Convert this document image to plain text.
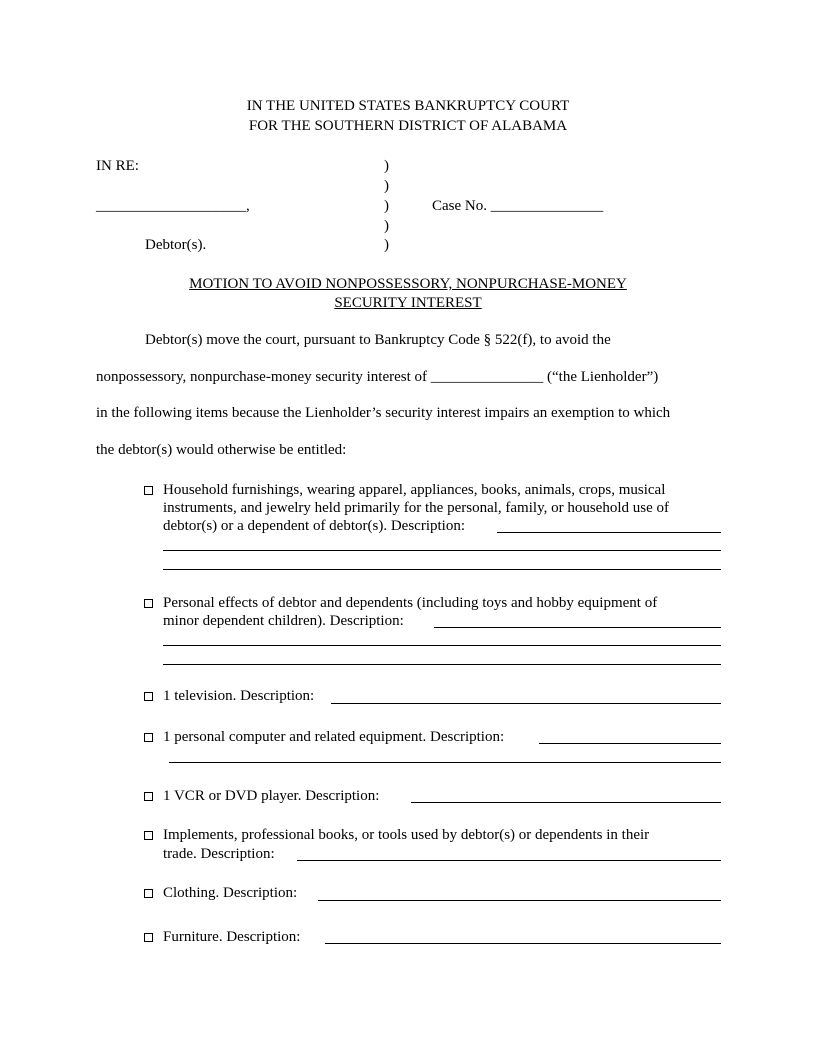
IN THE UNITED STATES BANKRUPTCY COURT
FOR THE SOUTHERN DISTRICT OF ALABAMA
IN RE:
____________________,
Debtor(s).
)
)
)
)
)
Case No. _______________
MOTION TO AVOID NONPOSSESSORY, NONPURCHASE-MONEY
SECURITY INTEREST
Debtor(s) move the court, pursuant to Bankruptcy Code § 522(f), to avoid the
nonpossessory, nonpurchase-money security interest of _______________ (“the Lienholder”)
in the following items because the Lienholder’s security interest impairs an exemption to which
the debtor(s) would otherwise be entitled:
Household furnishings, wearing apparel, appliances, books, animals, crops, musical
instruments, and jewelry held primarily for the personal, family, or household use of
debtor(s) or a dependent of debtor(s). Description:
Personal effects of debtor and dependents (including toys and hobby equipment of
minor dependent children). Description:
1 television. Description:
1 personal computer and related equipment. Description:
1 VCR or DVD player. Description:
Implements, professional books, or tools used by debtor(s) or dependents in their
trade. Description:
Clothing. Description:
Furniture. Description:
